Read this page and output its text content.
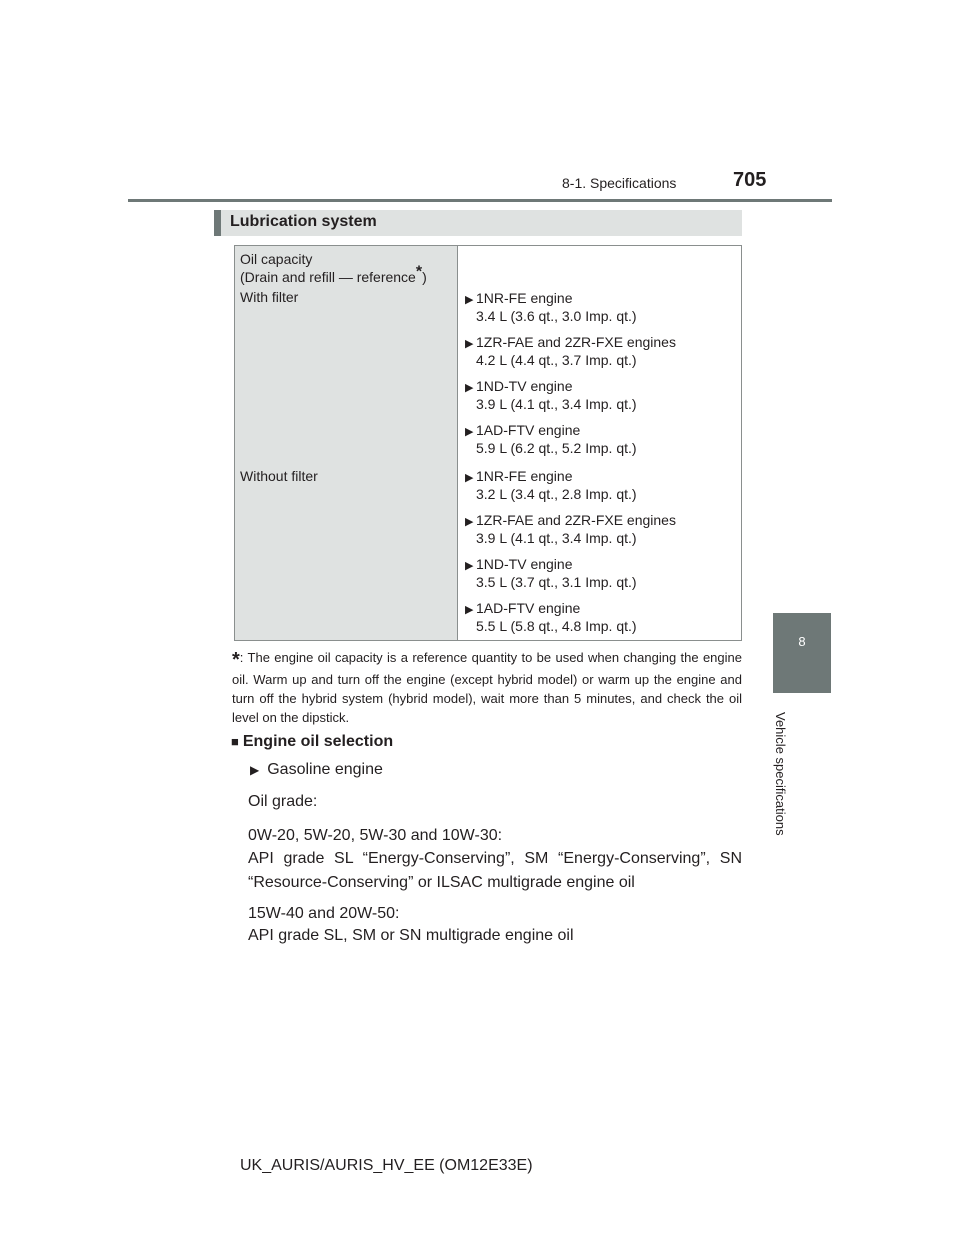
8-1. Specifications	705
8
Vehicle specifications
Lubrication system
Oil capacity
(Drain and refill — reference*)
With filter
Without filter
▶ 1NR-FE engine
3.4 L (3.6 qt., 3.0 Imp. qt.)
▶ 1ZR-FAE and 2ZR-FXE engines
4.2 L (4.4 qt., 3.7 Imp. qt.)
▶ 1ND-TV engine
3.9 L (4.1 qt., 3.4 Imp. qt.)
▶ 1AD-FTV engine
5.9 L (6.2 qt., 5.2 Imp. qt.)
▶ 1NR-FE engine
3.2 L (3.4 qt., 2.8 Imp. qt.)
▶ 1ZR-FAE and 2ZR-FXE engines
3.9 L (4.1 qt., 3.4 Imp. qt.)
▶ 1ND-TV engine
3.5 L (3.7 qt., 3.1 Imp. qt.)
▶ 1AD-FTV engine
5.5 L (5.8 qt., 4.8 Imp. qt.)
*: The engine oil capacity is a reference quantity to be used when changing the engine oil. Warm up and turn off the engine (except hybrid model) or warm up the engine and turn off the hybrid system (hybrid model), wait more than 5 minutes, and check the oil level on the dipstick.
■ Engine oil selection
▶ Gasoline engine
Oil grade:
0W-20, 5W-20, 5W-30 and 10W-30:
API grade SL “Energy-Conserving”, SM “Energy-Conserving”, SN “Resource-Conserving” or ILSAC multigrade engine oil
15W-40 and 20W-50:
API grade SL, SM or SN multigrade engine oil
UK_AURIS/AURIS_HV_EE (OM12E33E)
